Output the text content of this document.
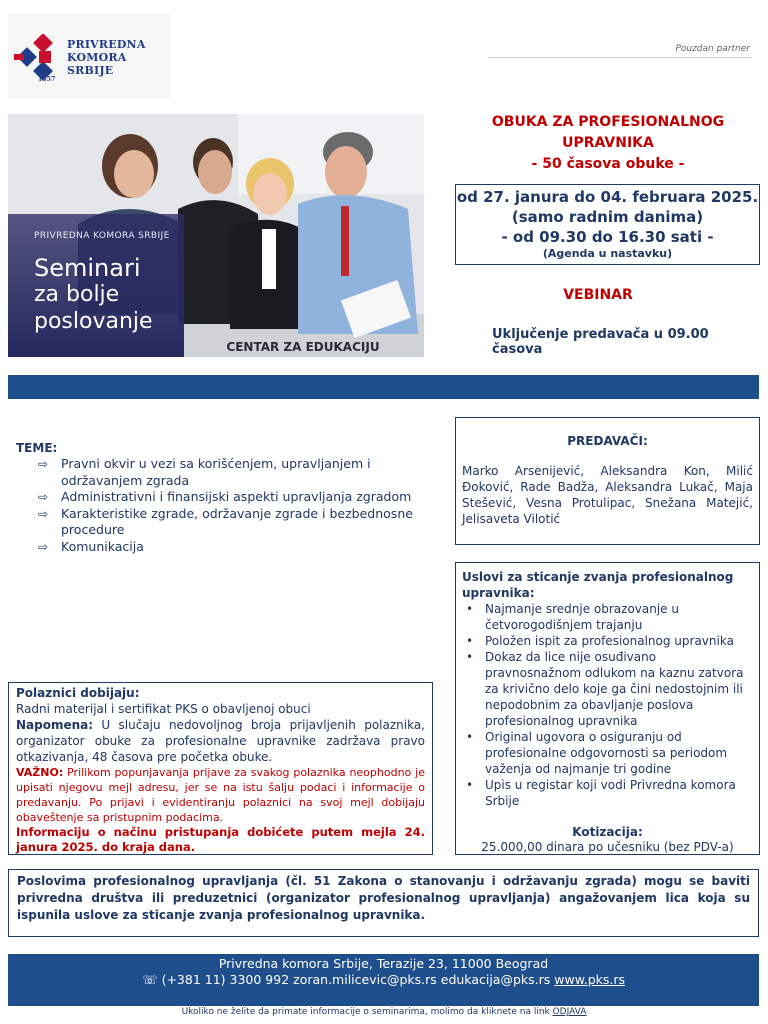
PRIVREDNA
KOMORA
SRBIJE
1857
Pouzdan partner
PRIVREDNA KOMORA SRBIJE
Seminari
za bolje
poslovanje
CENTAR ZA EDUKACIJU
OBUKA ZA PROFESIONALNOG
UPRAVNIKA
- 50 časova obuke -
od 27. janura do 04. februara 2025.
(samo radnim danima)
- od 09.30 do 16.30 sati -
(Agenda u nastavku)
VEBINAR
Uključenje predavača u 09.00 časova
TEME:
⇨ Pravni okvir u vezi sa korišćenjem, upravljanjem i održavanjem zgrada
⇨ Administrativni i finansijski aspekti upravljanja zgradom
⇨ Karakteristike zgrade, održavanje zgrade i bezbednosne procedure
⇨ Komunikacija
PREDAVAČI:
Marko Arsenijević, Aleksandra Kon, Milić Đoković, Rade Badža, Aleksandra Lukač, Maja Stešević, Vesna Protulipac, Snežana Matejić, Jelisaveta Vilotić
Uslovi za sticanje zvanja profesionalnog upravnika:
• Najmanje srednje obrazovanje u četvorogodišnjem trajanju
• Položen ispit za profesionalnog upravnika
• Dokaz da lice nije osuđivano pravnosnažnom odlukom na kaznu zatvora za krivično delo koje ga čini nedostojnim ili nepodobnim za obavljanje poslova profesionalnog upravnika
• Original ugovora o osiguranju od profesionalne odgovornosti sa periodom važenja od najmanje tri godine
• Upis u registar koji vodi Privredna komora Srbije
Kotizacija:
25.000,00 dinara po učesniku (bez PDV-a)
Polaznici dobijaju:
Radni materijal i sertifikat PKS o obavljenoj obuci
Napomena: U slučaju nedovoljnog broja prijavljenih polaznika, organizator obuke za profesionalne upravnike zadržava pravo otkazivanja, 48 časova pre početka obuke.
VAŽNO: Prilikom popunjavanja prijave za svakog polaznika neophodno je upisati njegovu mejl adresu, jer se na istu šalju podaci i informacije o predavanju. Po prijavi i evidentiranju polaznici na svoj mejl dobijaju obaveštenje sa pristupnim podacima.
Informaciju o načinu pristupanja dobićete putem mejla 24. janura 2025. do kraja dana.
Poslovima profesionalnog upravljanja (čl. 51 Zakona o stanovanju i održavanju zgrada) mogu se baviti privredna društva ili preduzetnici (organizator profesionalnog upravljanja) angažovanjem lica koja su ispunila uslove za sticanje zvanja profesionalnog upravnika.
Privredna komora Srbije, Terazije 23, 11000 Beograd
☏ (+381 11) 3300 992 zoran.milicevic@pks.rs edukacija@pks.rs www.pks.rs
Ukoliko ne želite da primate informacije o seminarima, molimo da kliknete na link ODJAVA
